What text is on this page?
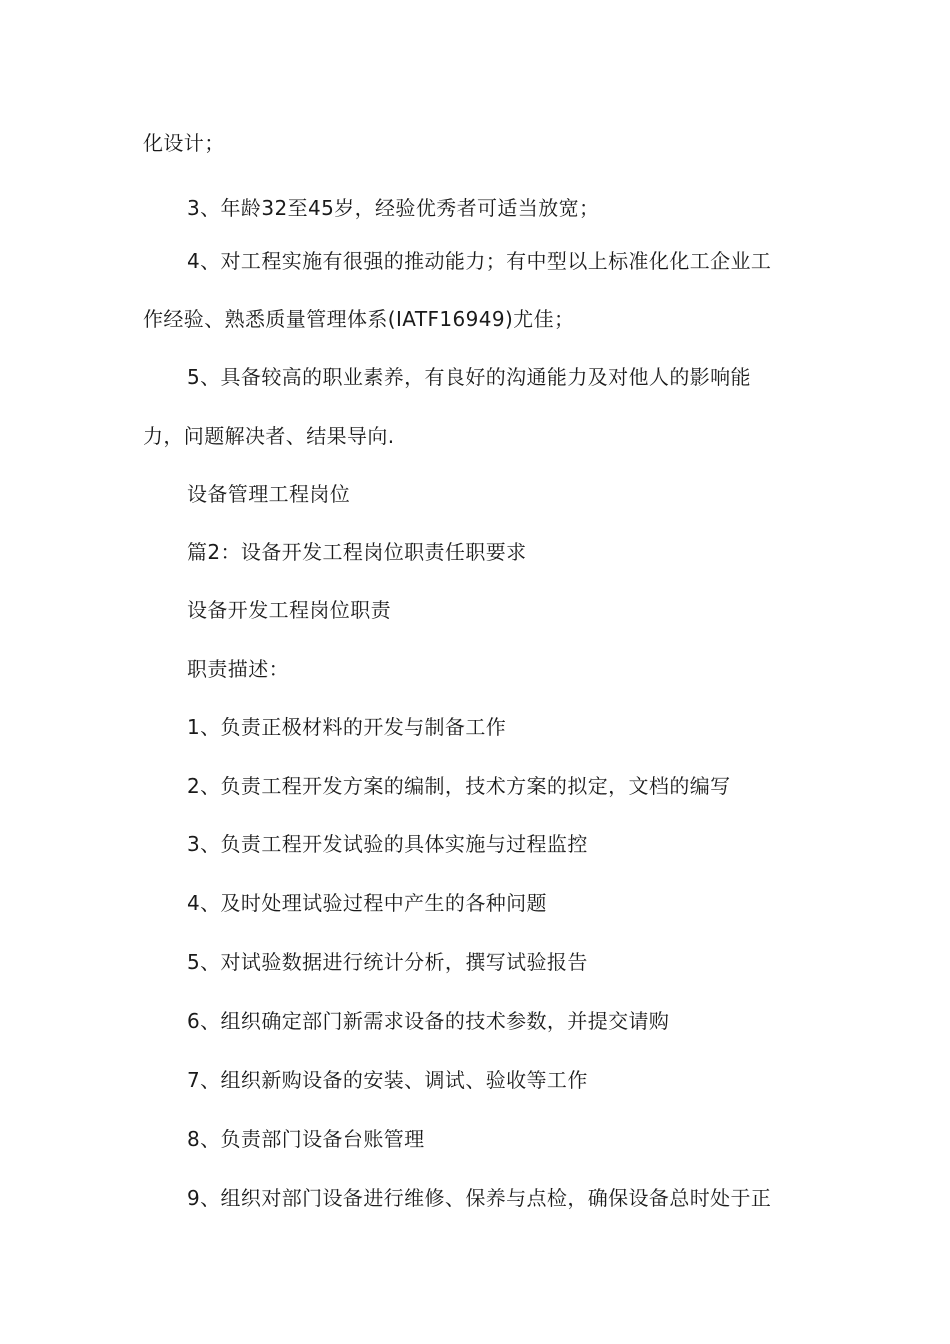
化设计；
3、年龄32至45岁，经验优秀者可适当放宽；
4、对工程实施有很强的推动能力；有中型以上标准化化工企业工
作经验、熟悉质量管理体系(IATF16949)尤佳；
5、具备较高的职业素养，有良好的沟通能力及对他人的影响能
力，问题解决者、结果导向.
设备管理工程岗位
篇2：设备开发工程岗位职责任职要求
设备开发工程岗位职责
职责描述：
1、负责正极材料的开发与制备工作
2、负责工程开发方案的编制，技术方案的拟定，文档的编写
3、负责工程开发试验的具体实施与过程监控
4、及时处理试验过程中产生的各种问题
5、对试验数据进行统计分析，撰写试验报告
6、组织确定部门新需求设备的技术参数，并提交请购
7、组织新购设备的安装、调试、验收等工作
8、负责部门设备台账管理
9、组织对部门设备进行维修、保养与点检，确保设备总时处于正
